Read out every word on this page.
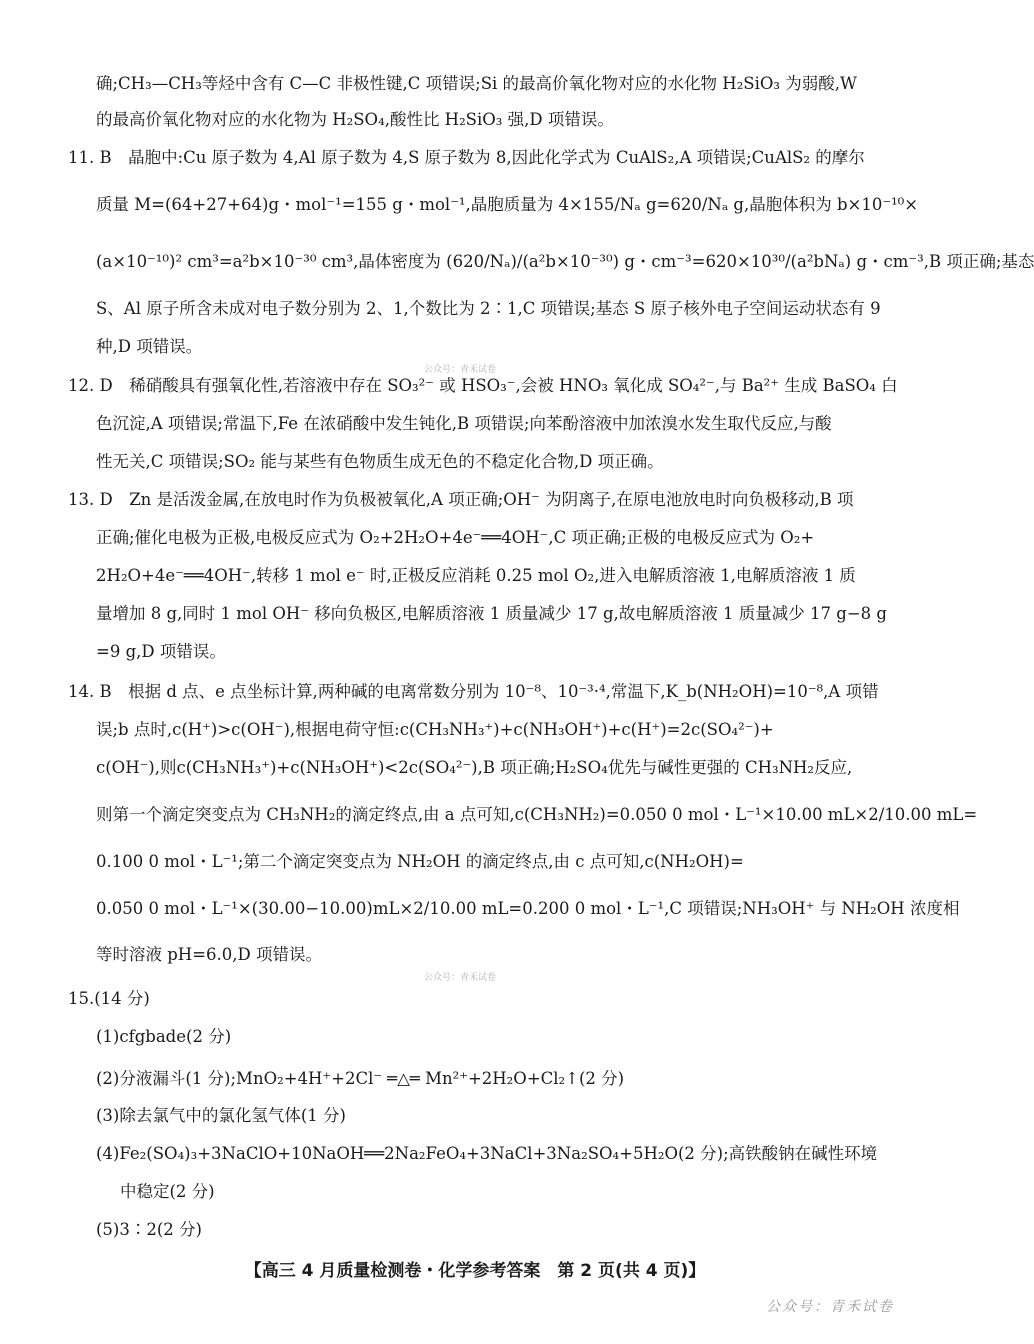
确;CH₃—CH₃等烃中含有 C—C 非极性键,C 项错误;Si 的最高价氧化物对应的水化物 H₂SiO₃ 为弱酸,W
的最高价氧化物对应的水化物为 H₂SO₄,酸性比 H₂SiO₃ 强,D 项错误。
11. B　晶胞中:Cu 原子数为 4,Al 原子数为 4,S 原子数为 8,因此化学式为 CuAlS₂,A 项错误;CuAlS₂ 的摩尔
质量 M=(64+27+64)g・mol⁻¹=155 g・mol⁻¹,晶胞质量为 4×155/Nₐ g=620/Nₐ g,晶胞体积为 b×10⁻¹⁰×
(a×10⁻¹⁰)² cm³=a²b×10⁻³⁰ cm³,晶体密度为 (620/Nₐ)/(a²b×10⁻³⁰) g・cm⁻³=620×10³⁰/(a²bNₐ) g・cm⁻³,B 项正确;基态
S、Al 原子所含未成对电子数分别为 2、1,个数比为 2∶1,C 项错误;基态 S 原子核外电子空间运动状态有 9
种,D 项错误。
12. D　稀硝酸具有强氧化性,若溶液中存在 SO₃²⁻ 或 HSO₃⁻,会被 HNO₃ 氧化成 SO₄²⁻,与 Ba²⁺ 生成 BaSO₄ 白
色沉淀,A 项错误;常温下,Fe 在浓硝酸中发生钝化,B 项错误;向苯酚溶液中加浓溴水发生取代反应,与酸
性无关,C 项错误;SO₂ 能与某些有色物质生成无色的不稳定化合物,D 项正确。
13. D　Zn 是活泼金属,在放电时作为负极被氧化,A 项正确;OH⁻ 为阴离子,在原电池放电时向负极移动,B 项
正确;催化电极为正极,电极反应式为 O₂+2H₂O+4e⁻══4OH⁻,C 项正确;正极的电极反应式为 O₂+
2H₂O+4e⁻══4OH⁻,转移 1 mol e⁻ 时,正极反应消耗 0.25 mol O₂,进入电解质溶液 1,电解质溶液 1 质
量增加 8 g,同时 1 mol OH⁻ 移向负极区,电解质溶液 1 质量减少 17 g,故电解质溶液 1 质量减少 17 g−8 g
=9 g,D 项错误。
14. B　根据 d 点、e 点坐标计算,两种碱的电离常数分别为 10⁻⁸、10⁻³·⁴,常温下,K_b(NH₂OH)=10⁻⁸,A 项错
误;b 点时,c(H⁺)>c(OH⁻),根据电荷守恒:c(CH₃NH₃⁺)+c(NH₃OH⁺)+c(H⁺)=2c(SO₄²⁻)+
c(OH⁻),则c(CH₃NH₃⁺)+c(NH₃OH⁺)<2c(SO₄²⁻),B 项正确;H₂SO₄优先与碱性更强的 CH₃NH₂反应,
则第一个滴定突变点为 CH₃NH₂的滴定终点,由 a 点可知,c(CH₃NH₂)=0.050 0 mol・L⁻¹×10.00 mL×2/10.00 mL=
0.100 0 mol・L⁻¹;第二个滴定突变点为 NH₂OH 的滴定终点,由 c 点可知,c(NH₂OH)=
0.050 0 mol・L⁻¹×(30.00−10.00)mL×2/10.00 mL=0.200 0 mol・L⁻¹,C 项错误;NH₃OH⁺ 与 NH₂OH 浓度相
等时溶液 pH=6.0,D 项错误。
15.(14 分)
(1)cfgbade(2 分)
(2)分液漏斗(1 分);MnO₂+4H⁺+2Cl⁻ ═△═ Mn²⁺+2H₂O+Cl₂↑(2 分)
(3)除去氯气中的氯化氢气体(1 分)
(4)Fe₂(SO₄)₃+3NaClO+10NaOH══2Na₂FeO₄+3NaCl+3Na₂SO₄+5H₂O(2 分);高铁酸钠在碱性环境
中稳定(2 分)
(5)3∶2(2 分)
公众号：青禾试卷
公众号：青禾试卷
【高三 4 月质量检测卷・化学参考答案　第 2 页(共 4 页)】
公众号：青禾试卷
